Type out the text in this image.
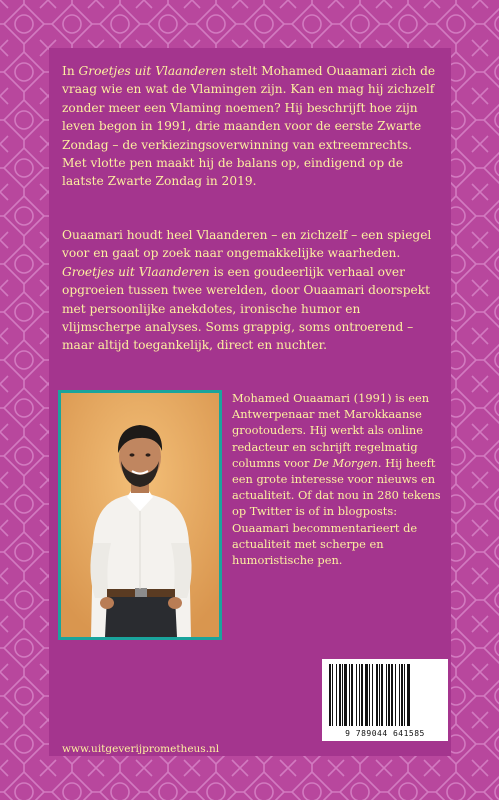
In Groetjes uit Vlaanderen stelt Mohamed Ouaamari zich de vraag wie en wat de Vlamingen zijn. Kan en mag hij zichzelf zonder meer een Vlaming noemen? Hij beschrijft hoe zijn leven begon in 1991, drie maanden voor de eerste Zwarte Zondag – de verkiezingsoverwinning van extreemrechts. Met vlotte pen maakt hij de balans op, eindigend op de laatste Zwarte Zondag in 2019.
Ouaamari houdt heel Vlaanderen – en zichzelf – een spiegel voor en gaat op zoek naar ongemakkelijke waarheden. Groetjes uit Vlaanderen is een goudeerlijk verhaal over opgroeien tussen twee werelden, door Ouaamari doorspekt met persoonlijke anekdotes, ironische humor en vlijmscherpe analyses. Soms grappig, soms ontroerend – maar altijd toegankelijk, direct en nuchter.
Mohamed Ouaamari (1991) is een Antwerpenaar met Marokkaanse grootouders. Hij werkt als online redacteur en schrijft regelmatig columns voor De Morgen. Hij heeft een grote interesse voor nieuws en actualiteit. Of dat nou in 280 tekens op Twitter is of in blogposts: Ouaamari becommentarieert de actualiteit met scherpe en humoristische pen.
9 789044 641585
www.uitgeverijprometheus.nl
